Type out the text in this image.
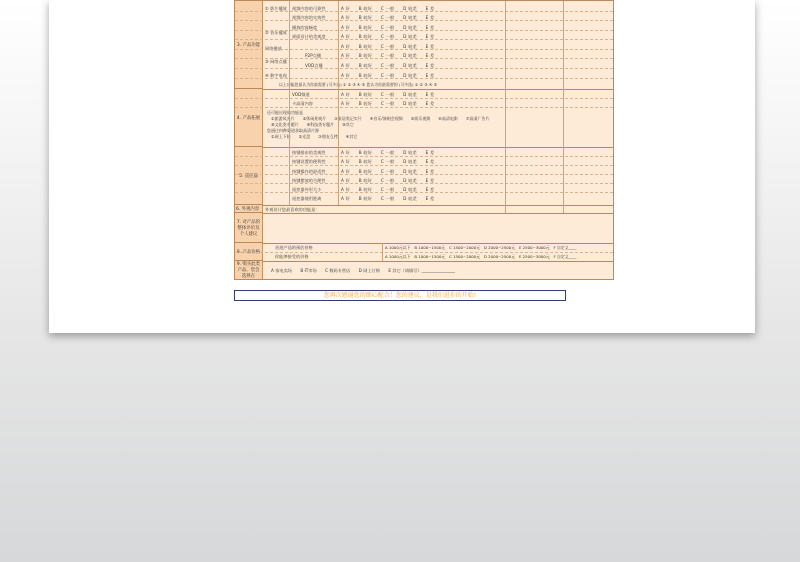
3. 产品功能
① 影片播放
② 音乐播放
网络播放
③ 网络点播
④ 数字电视
视频内容的可靠性
视频内容的实效性
播放的流畅度
界面设计的美观度
P2P点播
VOD点播
A 好　　B 较好　　C 一般　　D 较差　　E 差
A 好　　B 较好　　C 一般　　D 较差　　E 差
A 好　　B 较好　　C 一般　　D 较差　　E 差
A 好　　B 较好　　C 一般　　D 较差　　E 差
A 好　　B 较好　　C 一般　　D 较差　　E 差
A 好　　B 较好　　C 一般　　D 较差　　E 差
A 好　　B 较好　　C 一般　　D 较差　　E 差
A 好　　B 较好　　C 一般　　D 较差　　E 差
以上功能您最认为你最需要 (可多选) ① ② ③ ④ ⑤ 您认为你最需要的 (可多选) ① ② ③ ④ ⑤
4. 产品拓展
VOD频道
卡高清内容
A 好　　B 较好　　C 一般　　D 较差　　E 差
A 好　　B 较好　　C 一般　　D 较差　　E 差
还可能出现的功能是
①旅游风光片　　②休闲景观片　　③家居类记实片　　④音乐/演唱会视频　　⑤娱乐视频　　⑥高清电影　　⑦高清广告片
⑧文化类专题片　　⑨科技类专题片　　⑩其它
您通过何种渠道获取高清片源
①网上下载　　②光盘　　③朋友互拷　　④其它
5. 遥控器
按键排布的美观性
按键设置的便利性
按键操作的舒适性
按键摆放的合理性
遥控器外形大小
遥控器使用距离
A 好　　B 较好　　C 一般　　D 较差　　E 差
A 好　　B 较好　　C 一般　　D 较差　　E 差
A 好　　B 较好　　C 一般　　D 较差　　E 差
A 好　　B 较好　　C 一般　　D 较差　　E 差
A 好　　B 较好　　C 一般　　D 较差　　E 差
A 好　　B 较好　　C 一般　　D 较差　　E 差
6. 外观内容 外观设计您最喜欢的功能是：
7. 对产品的整体评价及个人建议
8. 产品价格
首批产品的预估价格	A 1000元以下　B 1000~1500元　C 1500~2000元　D 2000~2500元　E 2500~3000元　F 自定义____
你能够接受的价格	A 1000元以下　B 1000~1500元　C 1500~2000元　D 2000~2500元　E 2500~3000元　F 自定义____
9. 购买此类产品，您会选择在
A 家电卖场　　B IT市场　　C 数码专营店　　D 网上订购　　E 其它（请填写）________________
您再次感谢您的细心配合！您的建议，是我们进步的开始!
